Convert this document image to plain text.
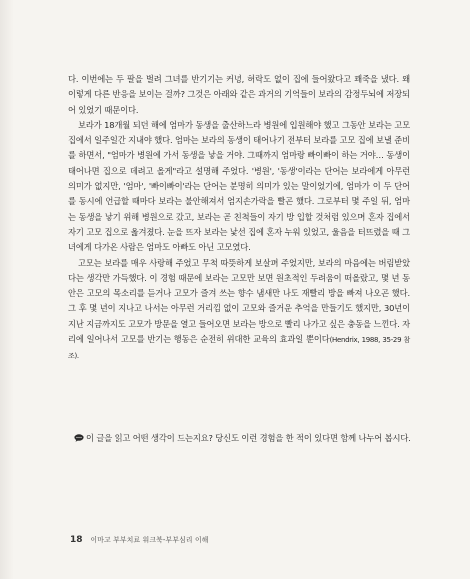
다. 이번에는 두 팔을 벌려 그녀를 반기기는 커녕, 허락도 없이 집에 들어왔다고 꽤죽을 냈다. 왜 이렇게 다른 반응을 보이는 걸까? 그것은 아래와 같은 과거의 기억들이 보라의 감정두뇌에 저장되어 있었기 때문이다.

보라가 18개월 되던 해에 엄마가 동생을 출산하느라 병원에 입원해야 했고 그동안 보라는 고모 집에서 일주일간 지내야 했다. 엄마는 보라의 동생이 태어나기 전부터 보라를 고모 집에 보낼 준비를 하면서, "엄마가 병원에 가서 동생을 낳을 거야. 그때까지 엄마랑 빠이빠이 하는 거야… 동생이 태어나면 집으로 데려고 올게"라고 설명해 주었다. '병원', '동생'이라는 단어는 보라에게 아무런 의미가 없지만, '엄마', '빠이빠이'라는 단어는 분명히 의미가 있는 말이었기에, 엄마가 이 두 단어를 동시에 언급할 때마다 보라는 불안해져서 엄지손가락을 빨곤 했다. 그로부터 몇 주일 뒤, 엄마는 동생을 낳기 위해 병원으로 갔고, 보라는 곧 친척들이 자기 방 입할 것처럼 있으며 혼자 집에서 자기 고모 집으로 옮겨졌다. 눈을 뜨자 보라는 낯선 집에 혼자 누워 있었고, 울음을 터뜨렸을 때 그녀에게 다가온 사람은 엄마도 아빠도 아닌 고모였다.

고모는 보라를 매우 사랑해 주었고 무척 따뜻하게 보살펴 주었지만, 보라의 마음에는 버림받았다는 생각만 가득했다. 이 경험 때문에 보라는 고모만 보면 원초적인 두려움이 떠올랐고, 몇 년 동안은 고모의 목소리를 듣거나 고모가 즐겨 쓰는 향수 냄새만 나도 재빨리 방을 빠져 나오곤 했다. 그 후 몇 년이 지나고 나서는 아무런 거리낌 없이 고모와 즐거운 추억을 만들기도 했지만, 30년이 지난 지금까지도 고모가 방문을 열고 들어오면 보라는 방으로 빨리 나가고 싶은 충동을 느낀다. 자리에 일어나서 고모를 반기는 행동은 순전히 위대한 교육의 효과일 뿐이다(Hendrix, 1988, 35-29 참조).

이 글을 읽고 어떤 생각이 드는지요? 당신도 이런 경험을 한 적이 있다면 함께 나누어 봅시다.
18 이마고 부부치료 워크북-부부심리 이해
